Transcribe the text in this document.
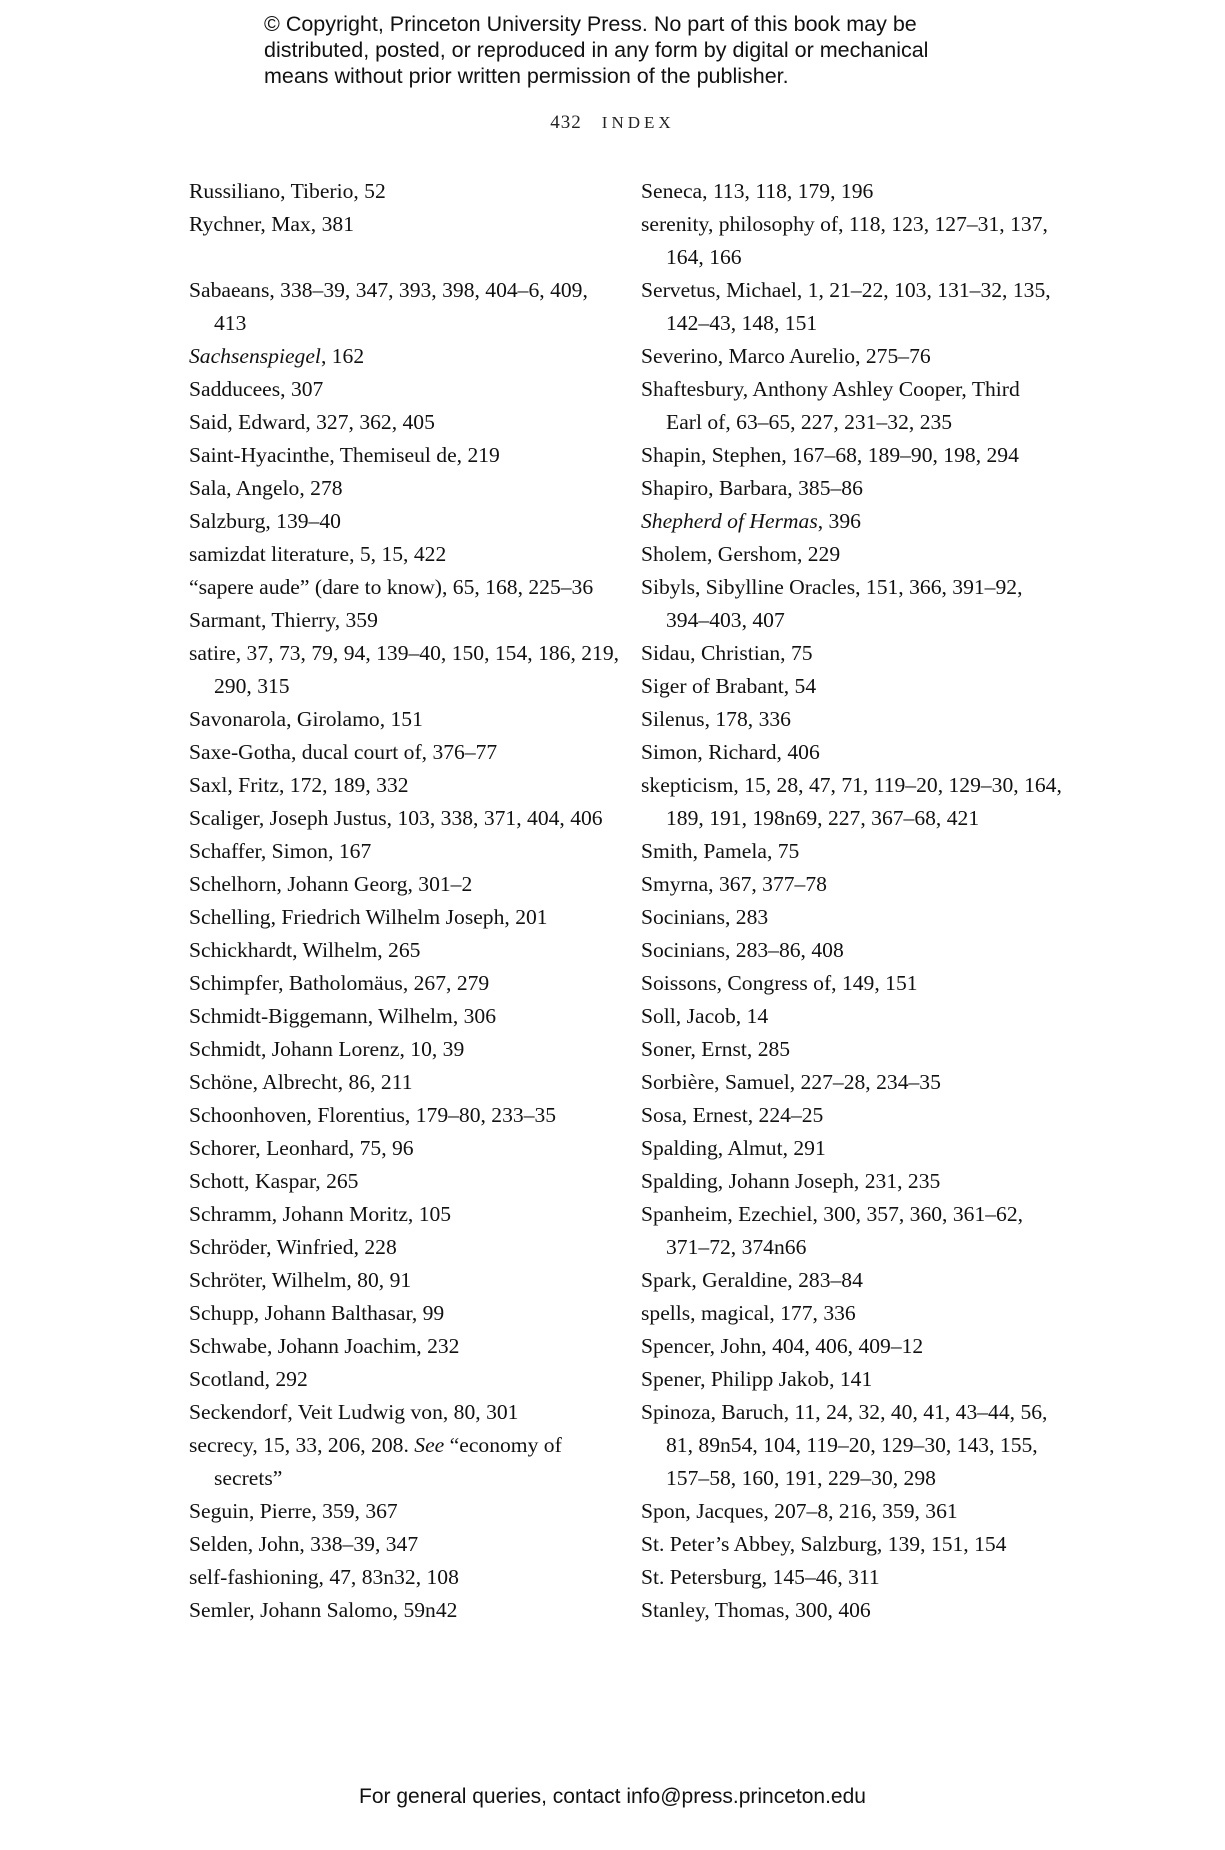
© Copyright, Princeton University Press. No part of this book may be
distributed, posted, or reproduced in any form by digital or mechanical
means without prior written permission of the publisher.
432 INDEX

Russiliano, Tiberio, 52

Rychner, Max, 381

Sabaeans, 338–39, 347, 393, 398, 404–6, 409,
413

Sachsenspiegel, 162

Sadducees, 307

Said, Edward, 327, 362, 405

Saint-Hyacinthe, Themiseul de, 219

Sala, Angelo, 278

Salzburg, 139–40

samizdat literature, 5, 15, 422

“sapere aude” (dare to know), 65, 168, 225–36

Sarmant, Thierry, 359

satire, 37, 73, 79, 94, 139–40, 150, 154, 186, 219,
290, 315

Savonarola, Girolamo, 151

Saxe-Gotha, ducal court of, 376–77

Saxl, Fritz, 172, 189, 332

Scaliger, Joseph Justus, 103, 338, 371, 404, 406

Schaffer, Simon, 167

Schelhorn, Johann Georg, 301–2

Schelling, Friedrich Wilhelm Joseph, 201

Schickhardt, Wilhelm, 265

Schimpfer, Batholomäus, 267, 279

Schmidt-Biggemann, Wilhelm, 306

Schmidt, Johann Lorenz, 10, 39

Schöne, Albrecht, 86, 211

Schoonhoven, Florentius, 179–80, 233–35

Schorer, Leonhard, 75, 96

Schott, Kaspar, 265

Schramm, Johann Moritz, 105

Schröder, Winfried, 228

Schröter, Wilhelm, 80, 91

Schupp, Johann Balthasar, 99

Schwabe, Johann Joachim, 232

Scotland, 292

Seckendorf, Veit Ludwig von, 80, 301

secrecy, 15, 33, 206, 208. See “economy of
secrets”

Seguin, Pierre, 359, 367

Selden, John, 338–39, 347

self-fashioning, 47, 83n32, 108

Semler, Johann Salomo, 59n42

Seneca, 113, 118, 179, 196

serenity, philosophy of, 118, 123, 127–31, 137,
164, 166

Servetus, Michael, 1, 21–22, 103, 131–32, 135,
142–43, 148, 151

Severino, Marco Aurelio, 275–76

Shaftesbury, Anthony Ashley Cooper, Third
Earl of, 63–65, 227, 231–32, 235

Shapin, Stephen, 167–68, 189–90, 198, 294

Shapiro, Barbara, 385–86

Shepherd of Hermas, 396

Sholem, Gershom, 229

Sibyls, Sibylline Oracles, 151, 366, 391–92,
394–403, 407

Sidau, Christian, 75

Siger of Brabant, 54

Silenus, 178, 336

Simon, Richard, 406

skepticism, 15, 28, 47, 71, 119–20, 129–30, 164,
189, 191, 198n69, 227, 367–68, 421

Smith, Pamela, 75

Smyrna, 367, 377–78

Socinians, 283

Socinians, 283–86, 408

Soissons, Congress of, 149, 151

Soll, Jacob, 14

Soner, Ernst, 285

Sorbière, Samuel, 227–28, 234–35

Sosa, Ernest, 224–25

Spalding, Almut, 291

Spalding, Johann Joseph, 231, 235

Spanheim, Ezechiel, 300, 357, 360, 361–62,
371–72, 374n66

Spark, Geraldine, 283–84

spells, magical, 177, 336

Spencer, John, 404, 406, 409–12

Spener, Philipp Jakob, 141

Spinoza, Baruch, 11, 24, 32, 40, 41, 43–44, 56,
81, 89n54, 104, 119–20, 129–30, 143, 155,
157–58, 160, 191, 229–30, 298

Spon, Jacques, 207–8, 216, 359, 361

St. Peter’s Abbey, Salzburg, 139, 151, 154

St. Petersburg, 145–46, 311

Stanley, Thomas, 300, 406

For general queries, contact info@press.princeton.edu
